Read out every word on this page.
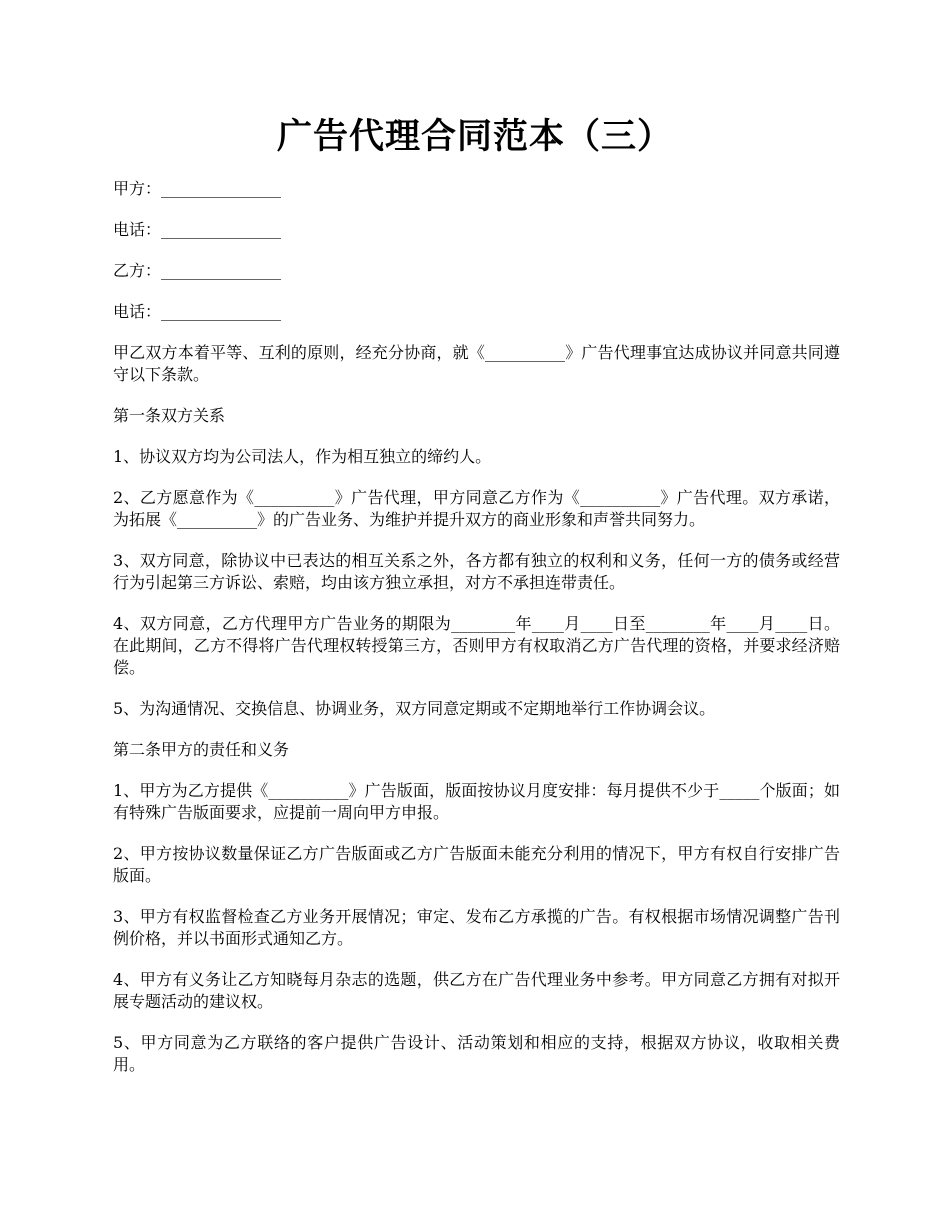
广告代理合同范本（三）

甲方：_______________

电话：_______________

乙方：_______________

电话：_______________

甲乙双方本着平等、互利的原则，经充分协商，就《__________》广告代理事宜达成协议并同意共同遵守以下条款。

第一条双方关系

1、协议双方均为公司法人，作为相互独立的缔约人。

2、乙方愿意作为《__________》广告代理，甲方同意乙方作为《__________》广告代理。双方承诺，为拓展《__________》的广告业务、为维护并提升双方的商业形象和声誉共同努力。

3、双方同意，除协议中已表达的相互关系之外，各方都有独立的权利和义务，任何一方的债务或经营行为引起第三方诉讼、索赔，均由该方独立承担，对方不承担连带责任。

4、双方同意，乙方代理甲方广告业务的期限为________年____月____日至________年____月____日。在此期间，乙方不得将广告代理权转授第三方，否则甲方有权取消乙方广告代理的资格，并要求经济赔偿。

5、为沟通情况、交换信息、协调业务，双方同意定期或不定期地举行工作协调会议。

第二条甲方的责任和义务

1、甲方为乙方提供《__________》广告版面，版面按协议月度安排：每月提供不少于_____个版面；如有特殊广告版面要求，应提前一周向甲方申报。

2、甲方按协议数量保证乙方广告版面或乙方广告版面未能充分利用的情况下，甲方有权自行安排广告版面。

3、甲方有权监督检查乙方业务开展情况；审定、发布乙方承揽的广告。有权根据市场情况调整广告刊例价格，并以书面形式通知乙方。

4、甲方有义务让乙方知晓每月杂志的选题，供乙方在广告代理业务中参考。甲方同意乙方拥有对拟开展专题活动的建议权。

5、甲方同意为乙方联络的客户提供广告设计、活动策划和相应的支持，根据双方协议，收取相关费用。
